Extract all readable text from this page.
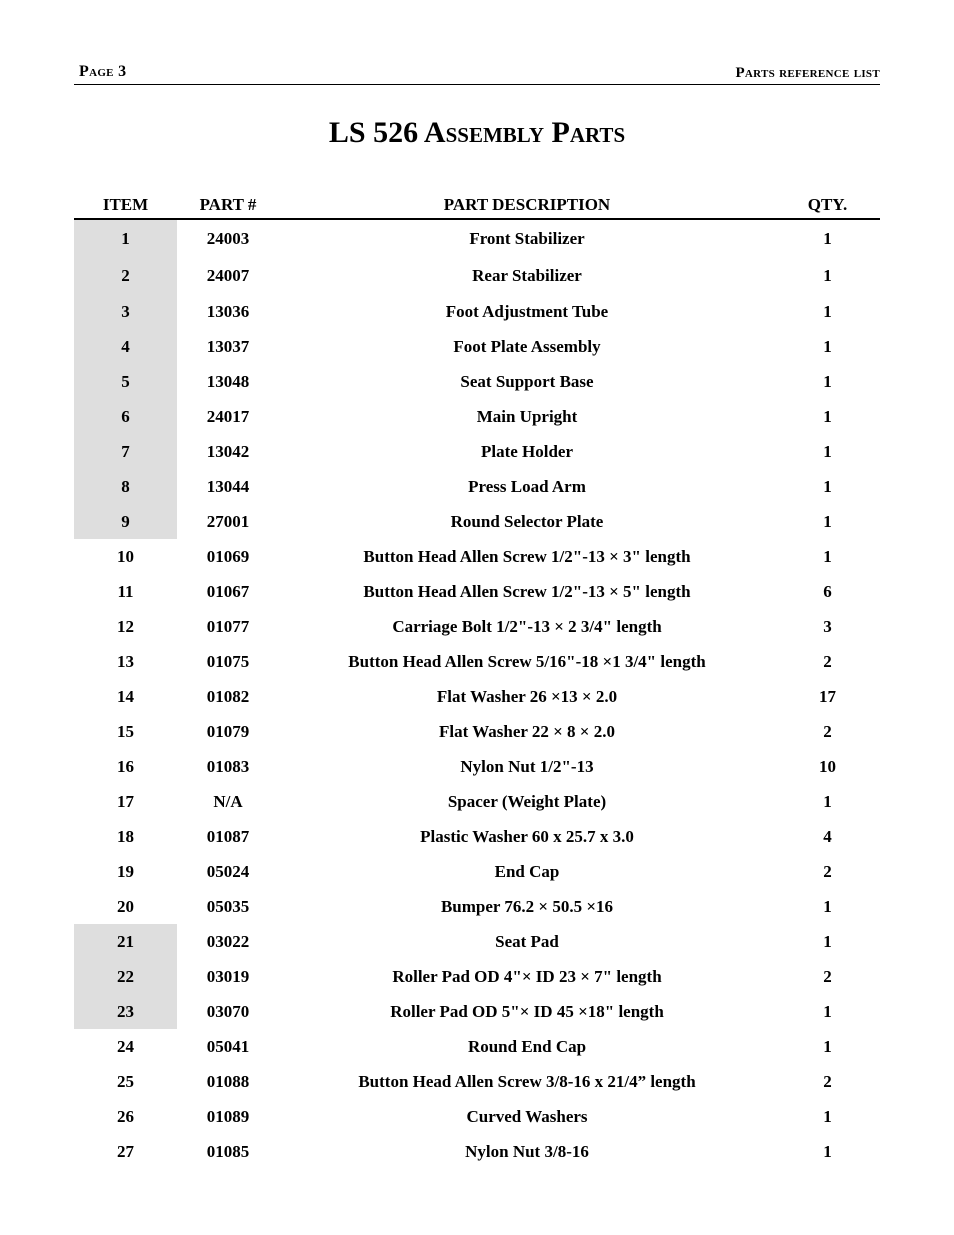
Page 3	Parts reference list
LS 526 Assembly Parts
ITEM	PART #	PART DESCRIPTION	QTY.
1	24003	Front Stabilizer	1
2	24007	Rear Stabilizer	1
3	13036	Foot Adjustment Tube	1
4	13037	Foot Plate Assembly	1
5	13048	Seat Support Base	1
6	24017	Main Upright	1
7	13042	Plate Holder	1
8	13044	Press Load Arm	1
9	27001	Round Selector Plate	1
10	01069	Button Head Allen Screw 1/2"-13 × 3" length	1
11	01067	Button Head Allen Screw 1/2"-13 × 5" length	6
12	01077	Carriage Bolt 1/2"-13 × 2 3/4" length	3
13	01075	Button Head Allen Screw 5/16"-18 ×1 3/4" length	2
14	01082	Flat Washer 26 ×13 × 2.0	17
15	01079	Flat Washer 22 × 8 × 2.0	2
16	01083	Nylon Nut 1/2"-13	10
17	N/A	Spacer (Weight Plate)	1
18	01087	Plastic Washer 60 x 25.7 x 3.0	4
19	05024	End Cap	2
20	05035	Bumper 76.2 × 50.5 ×16	1
21	03022	Seat Pad	1
22	03019	Roller Pad OD 4"× ID 23 × 7" length	2
23	03070	Roller Pad OD 5"× ID 45 ×18" length	1
24	05041	Round End Cap	1
25	01088	Button Head Allen Screw 3/8-16 x 21/4” length	2
26	01089	Curved Washers	1
27	01085	Nylon Nut 3/8-16	1
